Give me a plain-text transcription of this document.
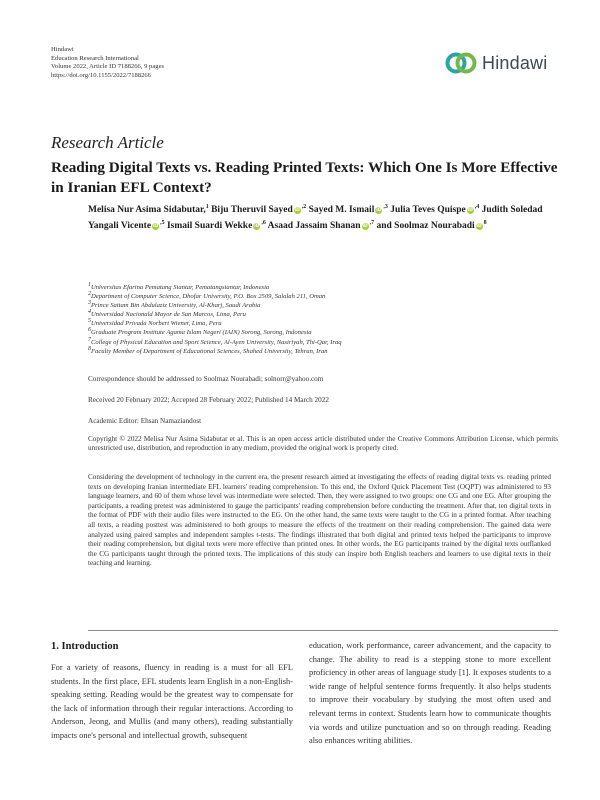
Hindawi
Education Research International
Volume 2022, Article ID 7188266, 9 pages
https://doi.org/10.1155/2022/7188266
Hindawi
Research Article
Reading Digital Texts vs. Reading Printed Texts: Which One Is More Effective in Iranian EFL Context?
Melisa Nur Asima Sidabutar,$^1$ Biju Theruvil Sayed $iD^{,2}$ Sayed M. Ismail $iD^{,3}$ Julia Teves Quispe $iD^{,4}$ Judith Soledad Yangali Vicente $iD^{,5}$ Ismail Suardi Wekke $iD^{,6}$ Asaad Jassaim Shanan $iD^{,7}$ and Soolmaz Nourabadi $iD^8$
$^1$Universitas Efarina Pematang Siantar, Pematangsiantar, Indonesia
$^2$Department of Computer Science, Dhofar University, P.O. Box 2509, Salalah 211, Oman
$^3$Prince Sattam Bin Abdulaziz University, Al-Kharj, Saudi Arabia
$^4$Universidad Nacionald Mayor de San Marcos, Lima, Peru
$^5$Universidad Privada Norbert Wiener, Lima, Peru
$^6$Graduate Program Institute Agama Islam Negeri (IAIN) Sorong, Sorong, Indonesia
$^7$College of Physical Education and Sport Science, Al-Ayen University, Nasiriyah, Thi-Qar, Iraq
$^8$Faculty Member of Department of Educational Sciences, Shahed University, Tehran, Iran
Correspondence should be addressed to Soolmaz Nourabadi; solnorr@yahoo.com
Received 20 February 2022; Accepted 28 February 2022; Published 14 March 2022
Academic Editor: Ehsan Namaziandost
Copyright © 2022 Melisa Nur Asima Sidabutar et al. This is an open access article distributed under the Creative Commons Attribution License, which permits unrestricted use, distribution, and reproduction in any medium, provided the original work is properly cited.
Considering the development of technology in the current era, the present research aimed at investigating the effects of reading digital texts vs. reading printed texts on developing Iranian intermediate EFL learners' reading comprehension. To this end, the Oxford Quick Placement Test (OQPT) was administered to 93 language learners, and 60 of them whose level was intermediate were selected. Then, they were assigned to two groups: one CG and one EG. After grouping the participants, a reading pretest was administered to gauge the participants' reading comprehension before conducting the treatment. After that, ten digital texts in the format of PDF with their audio files were instructed to the EG. On the other hand, the same texts were taught to the CG in a printed format. After teaching all texts, a reading posttest was administered to both groups to measure the effects of the treatment on their reading comprehension. The gained data were analyzed using paired samples and independent samples t-tests. The findings illustrated that both digital and printed texts helped the participants to improve their reading comprehension, but digital texts were more effective than printed ones. In other words, the EG participants trained by the digital texts outflanked the CG participants taught through the printed texts. The implications of this study can inspire both English teachers and learners to use digital texts in their teaching and learning.
1. Introduction
For a variety of reasons, fluency in reading is a must for all EFL students. In the first place, EFL students learn English in a non-English-speaking setting. Reading would be the greatest way to compensate for the lack of information through their regular interactions. According to Anderson, Jeong, and Mullis (and many others), reading substantially impacts one's personal and intellectual growth, subsequent
education, work performance, career advancement, and the capacity to change. The ability to read is a stepping stone to more excellent proficiency in other areas of language study [1]. It exposes students to a wide range of helpful sentence forms frequently. It also helps students to improve their vocabulary by studying the most often used and relevant terms in context. Students learn how to communicate thoughts via words and utilize punctuation and so on through reading. Reading also enhances writing abilities.
